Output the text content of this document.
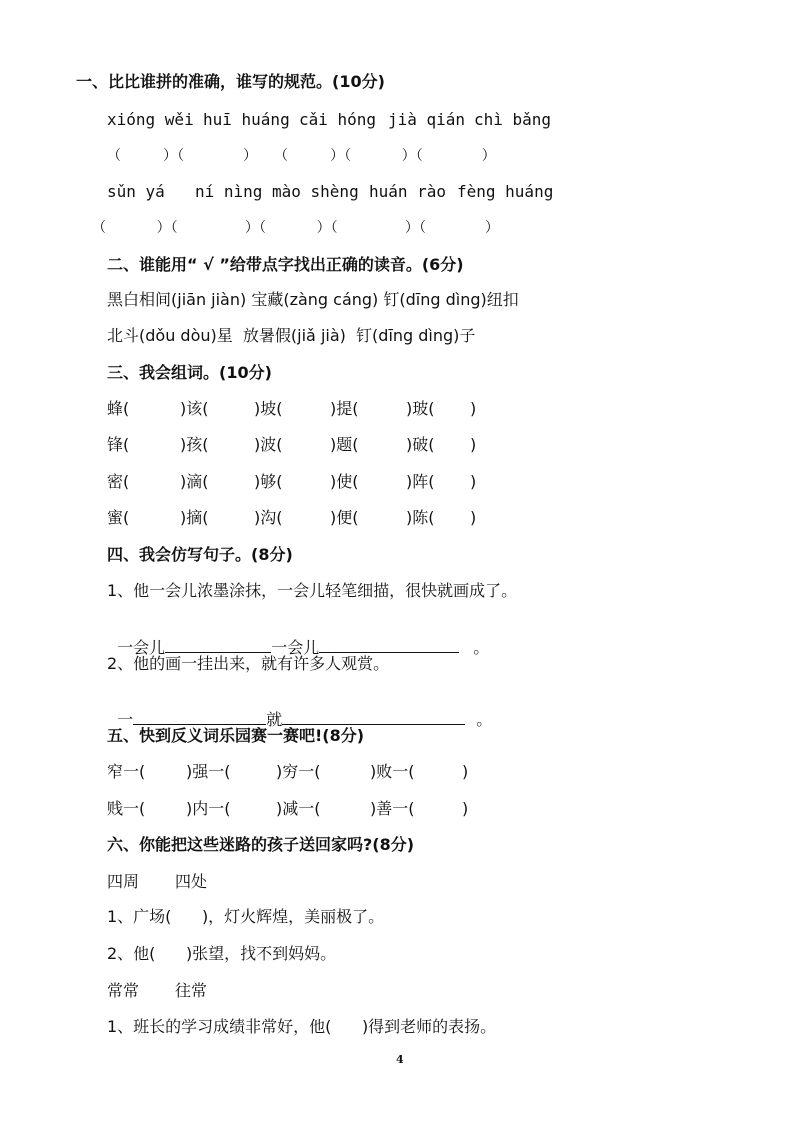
一、比比谁拼的准确，谁写的规范。(10分)
xióng wěi huī huáng cǎi hóng jià qián chì bǎng
（     ）（       ）  （     ）（      ）（       ）
sǔn yá ní nìng mào shèng huán rào fèng huáng
（      ）（        ）（      ）（        ）（       ）
二、谁能用“ √ ”给带点字找出正确的读音。(6分)
黑白相间(jiān jiàn) 宝藏(zàng cáng) 钉(dīng dìng)纽扣
北斗(dǒu dòu)星  放暑假(jiǎ jià)  钉(dīng dìng)子
三、我会组词。(10分)
蜂(	)该(	)坡(	)提(	)玻( )
锋(	)孩(	)波(	)题(	)破( )
密(	)滴(	)够(	)使(	)阵( )
蜜(	)摘(	)沟(	)便(	)陈( )
四、我会仿写句子。(8分)
1、他一会儿浓墨涂抹，一会儿轻笔细描，很快就画成了。

一会儿	一会儿	。

2、他的画一挂出来，就有许多人观赏。

一	就	。

五、快到反义词乐园赛一赛吧!(8分)
窄一(	)强一(	)穷一(	)败一(	)
贱一(	)内一(	)减一(	)善一(	)
六、你能把这些迷路的孩子送回家吗?(8分)
四周 四处
1、广场(      )，灯火辉煌，美丽极了。
2、他(      )张望，找不到妈妈。
常常 往常
1、班长的学习成绩非常好，他(      )得到老师的表扬。
4
